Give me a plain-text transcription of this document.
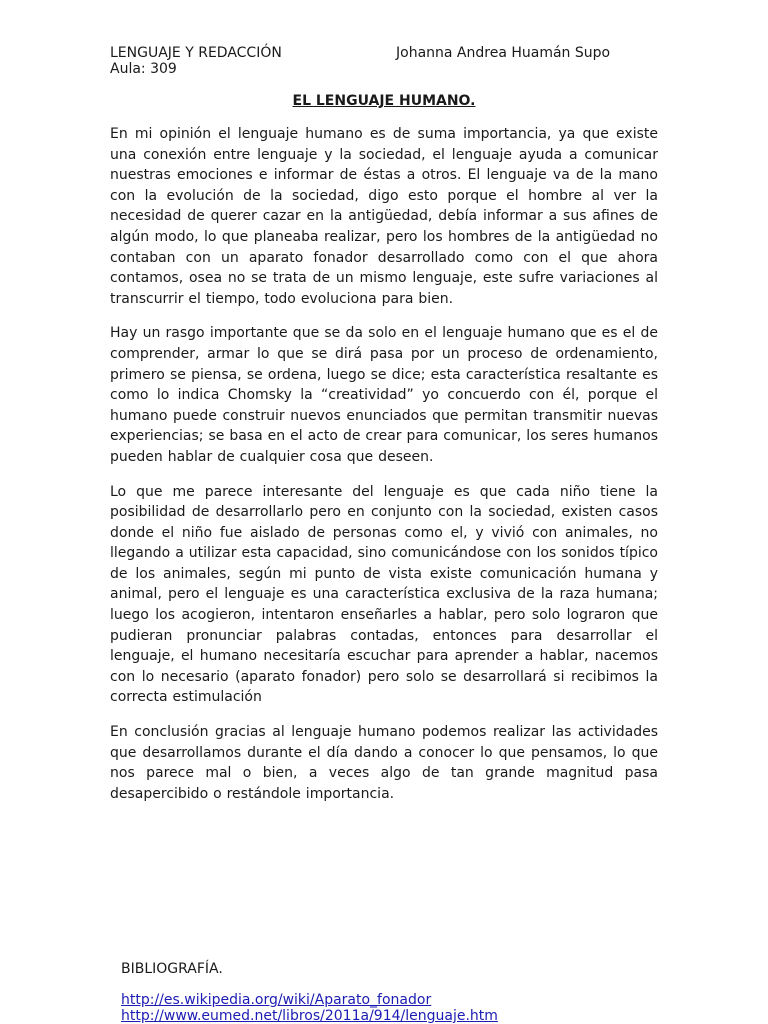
LENGUAJE Y REDACCIÓN	Johanna Andrea Huamán Supo
Aula: 309
EL LENGUAJE HUMANO.

En mi opinión el lenguaje humano es de suma importancia, ya que existe una conexión entre lenguaje y la sociedad, el lenguaje ayuda a comunicar nuestras emociones e informar de éstas a otros. El lenguaje va de la mano con la evolución de la sociedad, digo esto porque el hombre al ver la necesidad de querer cazar en la antigüedad, debía informar a sus afines de algún modo, lo que planeaba realizar, pero los hombres de la antigüedad no contaban con un aparato fonador desarrollado como con el que ahora contamos, osea no se trata de un mismo lenguaje, este sufre variaciones al transcurrir el tiempo, todo evoluciona para bien.

Hay un rasgo importante que se da solo en el lenguaje humano que es el de comprender, armar lo que se dirá pasa por un proceso de ordenamiento, primero se piensa, se ordena, luego se dice; esta característica resaltante es como lo indica Chomsky la “creatividad” yo concuerdo con él, porque el humano puede construir nuevos enunciados que permitan transmitir nuevas experiencias; se basa en el acto de crear para comunicar, los seres humanos pueden hablar de cualquier cosa que deseen.

Lo que me parece interesante del lenguaje es que cada niño tiene la posibilidad de desarrollarlo pero en conjunto con la sociedad, existen casos donde el niño fue aislado de personas como el, y vivió con animales, no llegando a utilizar esta capacidad, sino comunicándose con los sonidos típico de los animales, según mi punto de vista existe comunicación humana y animal, pero el lenguaje es una característica exclusiva de la raza humana; luego los acogieron, intentaron enseñarles a hablar, pero solo lograron que pudieran pronunciar palabras contadas, entonces para desarrollar el lenguaje, el humano necesitaría escuchar para aprender a hablar, nacemos con lo necesario (aparato fonador) pero solo se desarrollará si recibimos la correcta estimulación

En conclusión gracias al lenguaje humano podemos realizar las actividades que desarrollamos durante el día dando a conocer lo que pensamos, lo que nos parece mal o bien, a veces algo de tan grande magnitud pasa desapercibido o restándole importancia.

BIBLIOGRAFÍA.
http://es.wikipedia.org/wiki/Aparato_fonador
http://www.eumed.net/libros/2011a/914/lenguaje.htm
